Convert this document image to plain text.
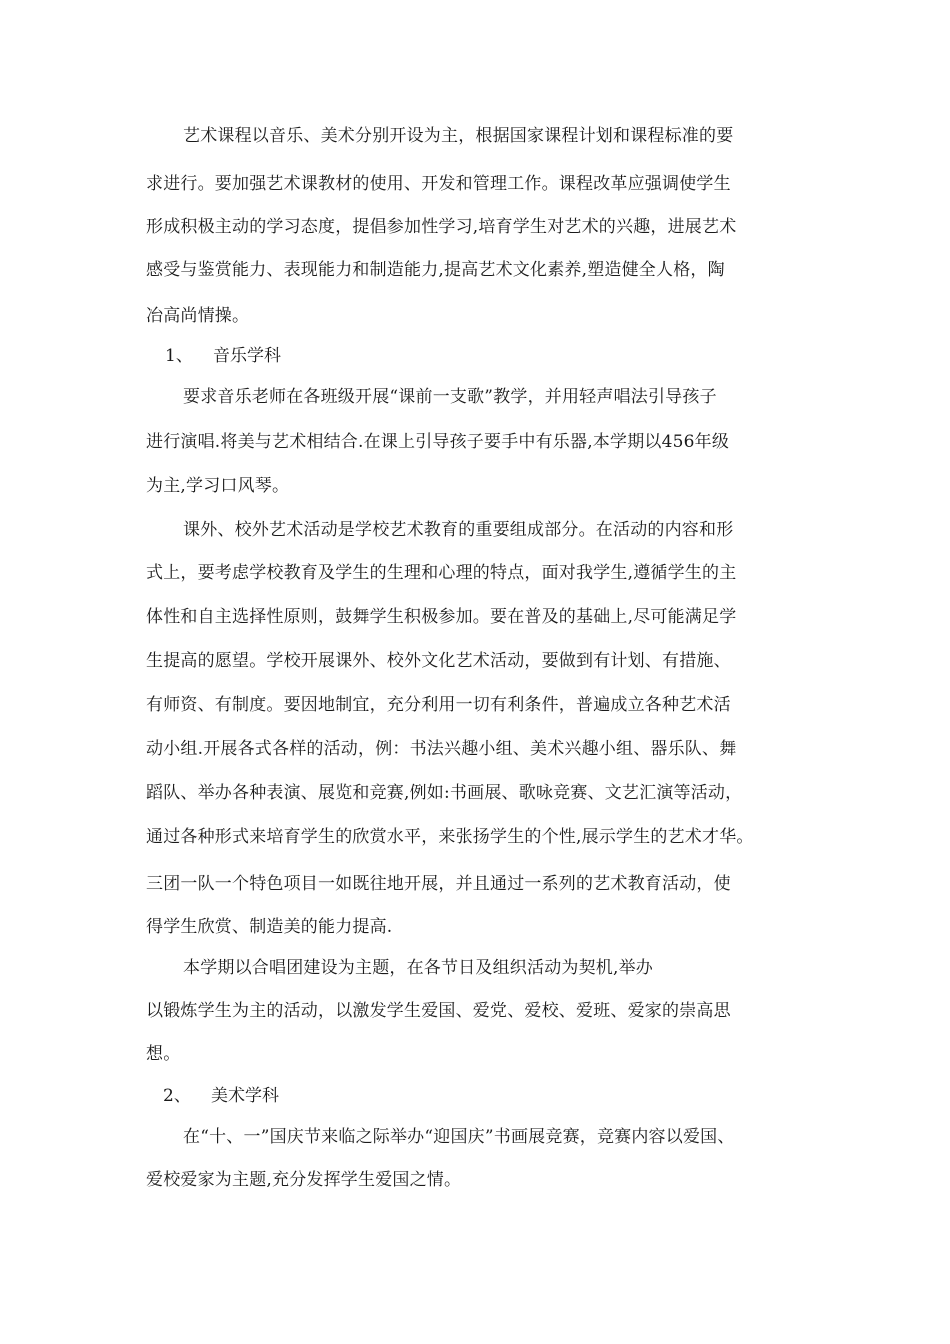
艺术课程以音乐、美术分别开设为主，根据国家课程计划和课程标准的要
求进行。要加强艺术课教材的使用、开发和管理工作。课程改革应强调使学生
形成积极主动的学习态度，提倡参加性学习,培育学生对艺术的兴趣，进展艺术
感受与鉴赏能力、表现能力和制造能力,提高艺术文化素养,塑造健全人格，陶
冶高尚情操。
1、 音乐学科
要求音乐老师在各班级开展“课前一支歌”教学，并用轻声唱法引导孩子
进行演唱.将美与艺术相结合.在课上引导孩子要手中有乐器,本学期以456年级
为主,学习口风琴。
课外、校外艺术活动是学校艺术教育的重要组成部分。在活动的内容和形
式上，要考虑学校教育及学生的生理和心理的特点，面对我学生,遵循学生的主
体性和自主选择性原则，鼓舞学生积极参加。要在普及的基础上,尽可能满足学
生提高的愿望。学校开展课外、校外文化艺术活动，要做到有计划、有措施、
有师资、有制度。要因地制宜，充分利用一切有利条件，普遍成立各种艺术活
动小组.开展各式各样的活动，例：书法兴趣小组、美术兴趣小组、器乐队、舞
蹈队、举办各种表演、展览和竞赛,例如:书画展、歌咏竞赛、文艺汇演等活动，
通过各种形式来培育学生的欣赏水平，来张扬学生的个性,展示学生的艺术才华。
三团一队一个特色项目一如既往地开展，并且通过一系列的艺术教育活动，使
得学生欣赏、制造美的能力提高.
本学期以合唱团建设为主题，在各节日及组织活动为契机,举办
以锻炼学生为主的活动，以激发学生爱国、爱党、爱校、爱班、爱家的崇高思
想。
2、 美术学科
在“十、一”国庆节来临之际举办“迎国庆”书画展竞赛，竞赛内容以爱国、
爱校爱家为主题,充分发挥学生爱国之情。
